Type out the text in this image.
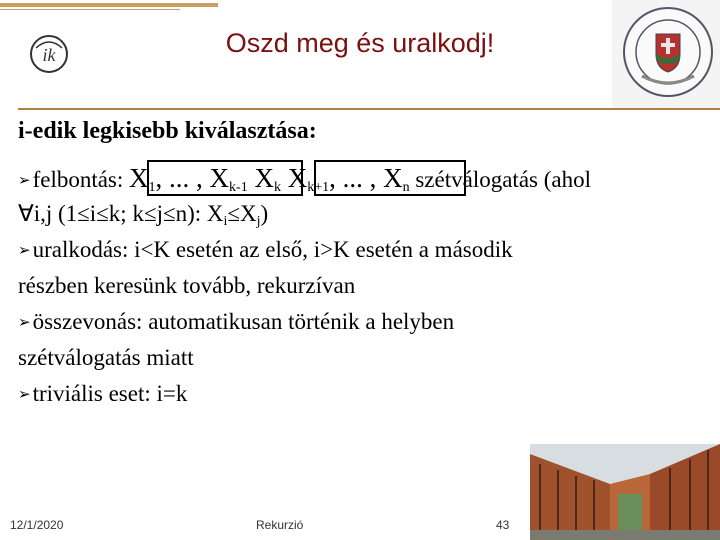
ik	Oszd meg és uralkodj!
i-edik legkisebb kiválasztása:
➢felbontás: $X_1$, ... , $X_{k-1}$ $X_k$ $X_{k+1}$, ... , $X_n$ szétválogatás (ahol
∀i,j (1≤i≤k; k≤j≤n): $X_i\le X_j$)
➢uralkodás: i<K esetén az első, i>K esetén a második
részben keresünk tovább, rekurzívan
➢összevonás: automatikusan történik a helyben
szétválogatás miatt
➢triviális eset: i=k
12/1/2020	Rekurzió	43
